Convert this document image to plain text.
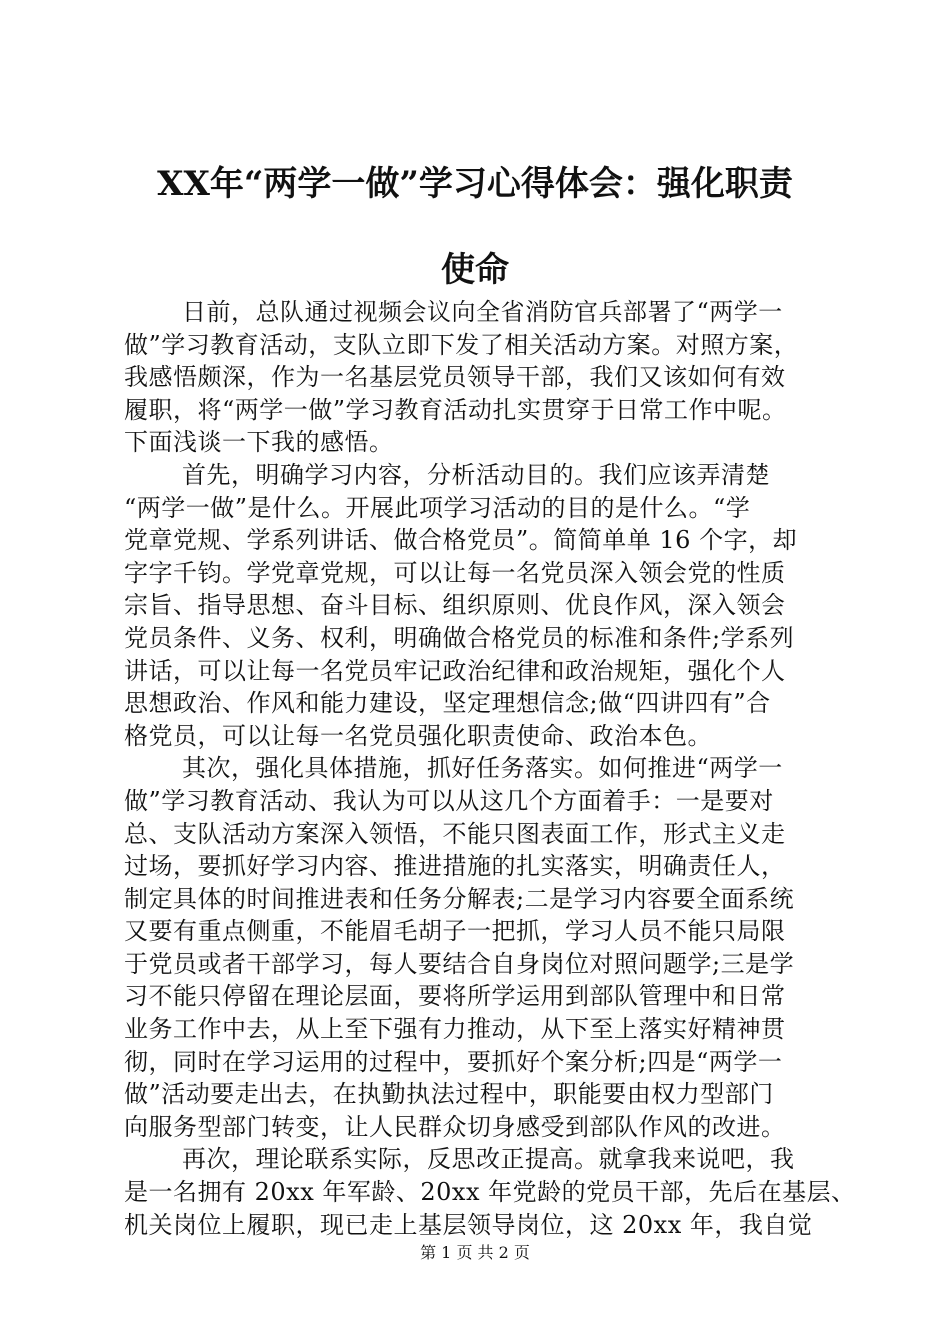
XX年“两学一做”学习心得体会：强化职责
使命
日前，总队通过视频会议向全省消防官兵部署了“两学一
做”学习教育活动，支队立即下发了相关活动方案。对照方案，
我感悟颇深，作为一名基层党员领导干部，我们又该如何有效
履职，将“两学一做”学习教育活动扎实贯穿于日常工作中呢。
下面浅谈一下我的感悟。
首先，明确学习内容，分析活动目的。我们应该弄清楚
“两学一做”是什么。开展此项学习活动的目的是什么。“学
党章党规、学系列讲话、做合格党员”。简简单单 16 个字，却
字字千钧。学党章党规，可以让每一名党员深入领会党的性质
宗旨、指导思想、奋斗目标、组织原则、优良作风，深入领会
党员条件、义务、权利，明确做合格党员的标准和条件;学系列
讲话，可以让每一名党员牢记政治纪律和政治规矩，强化个人
思想政治、作风和能力建设，坚定理想信念;做“四讲四有”合
格党员，可以让每一名党员强化职责使命、政治本色。
其次，强化具体措施，抓好任务落实。如何推进“两学一
做”学习教育活动、我认为可以从这几个方面着手：一是要对
总、支队活动方案深入领悟，不能只图表面工作，形式主义走
过场，要抓好学习内容、推进措施的扎实落实，明确责任人，
制定具体的时间推进表和任务分解表;二是学习内容要全面系统
又要有重点侧重，不能眉毛胡子一把抓，学习人员不能只局限
于党员或者干部学习，每人要结合自身岗位对照问题学;三是学
习不能只停留在理论层面，要将所学运用到部队管理中和日常
业务工作中去，从上至下强有力推动，从下至上落实好精神贯
彻，同时在学习运用的过程中，要抓好个案分析;四是“两学一
做”活动要走出去，在执勤执法过程中，职能要由权力型部门
向服务型部门转变，让人民群众切身感受到部队作风的改进。
再次，理论联系实际，反思改正提高。就拿我来说吧，我
是一名拥有 20xx 年军龄、20xx 年党龄的党员干部，先后在基层、
机关岗位上履职，现已走上基层领导岗位，这 20xx 年，我自觉
第 1 页 共 2 页
